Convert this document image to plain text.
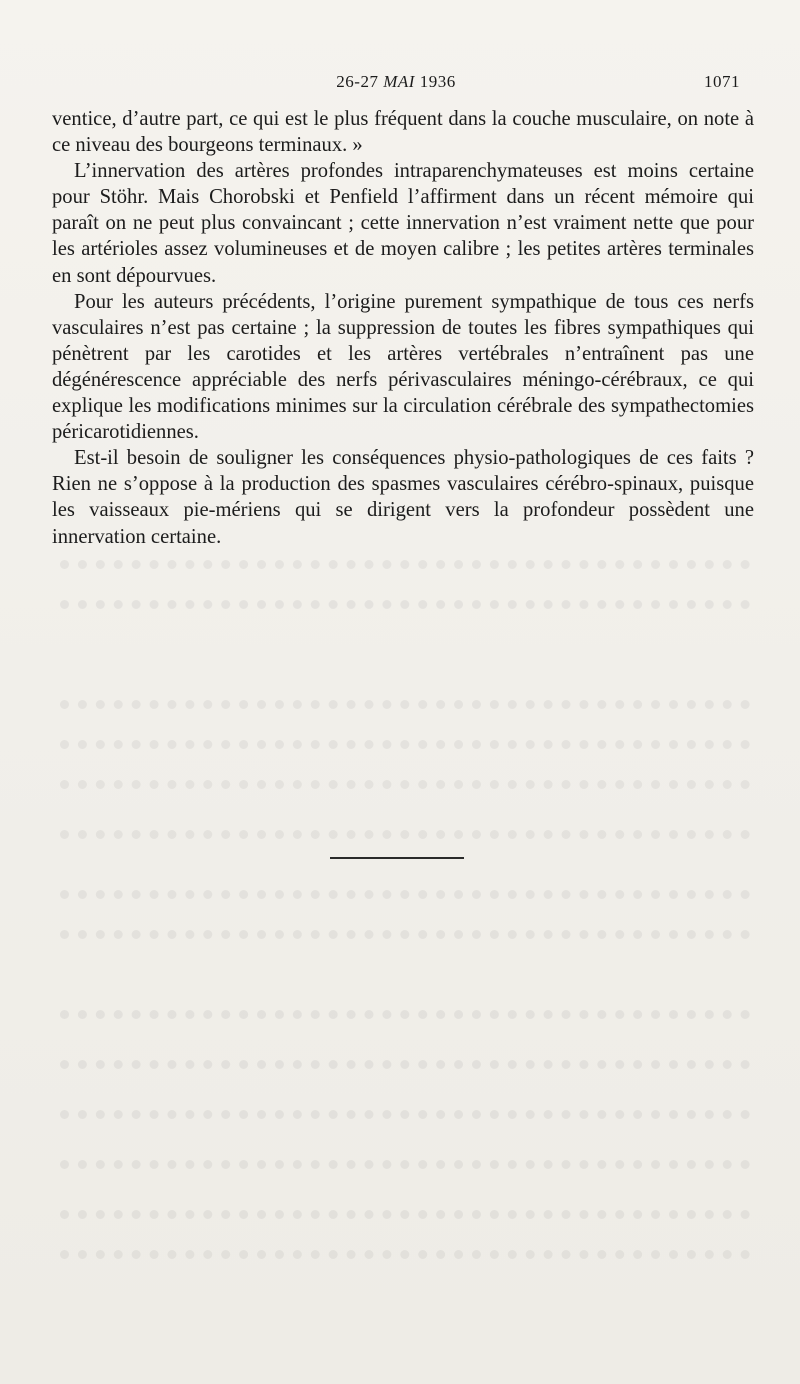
26-27 MAI 1936	1071

ventice, d’autre part, ce qui est le plus fréquent dans la couche musculaire, on note à ce niveau des bourgeons terminaux. »

L’innervation des artères profondes intraparenchymateuses est moins certaine pour Stöhr. Mais Chorobski et Penfield l’affirment dans un récent mémoire qui paraît on ne peut plus convaincant ; cette innervation n’est vraiment nette que pour les artérioles assez volumineuses et de moyen calibre ; les petites artères terminales en sont dépourvues.

Pour les auteurs précédents, l’origine purement sympathique de tous ces nerfs vasculaires n’est pas certaine ; la suppression de toutes les fibres sympathiques qui pénètrent par les carotides et les artères vertébrales n’entraînent pas une dégénérescence appréciable des nerfs périvasculaires méningo-cérébraux, ce qui explique les modifications minimes sur la circulation cérébrale des sympathectomies péricarotidiennes.

Est-il besoin de souligner les conséquences physio-pathologiques de ces faits ? Rien ne s’oppose à la production des spasmes vasculaires cérébro-spinaux, puisque les vaisseaux pie-mériens qui se dirigent vers la profondeur possèdent une innervation certaine.
